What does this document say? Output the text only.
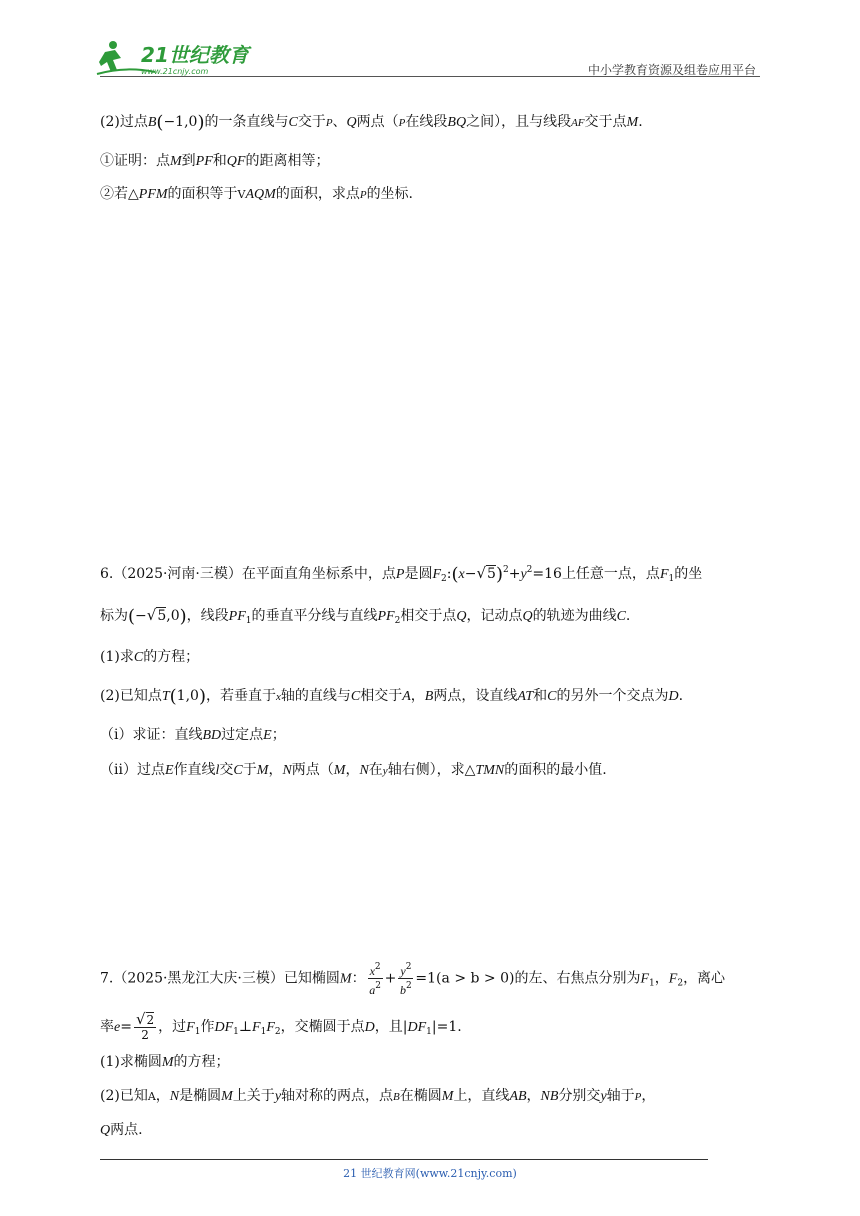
21世纪教育
www.21cnjy.com	中小学教育资源及组卷应用平台
(2)过点B(−1,0)的一条直线与C交于P、Q两点（P在线段BQ之间），且与线段AF交于点M.
①证明：点M到PF和QF的距离相等；
②若△PFM的面积等于VAQM的面积，求点P的坐标.
6.（2025·河南·三模）在平面直角坐标系中，点P是圆$F_2:(x-√5)^2+y^2=16$上任意一点，点$F_1$的坐
标为(−√5,0)，线段$PF_1$的垂直平分线与直线$PF_2$相交于点Q，记动点Q的轨迹为曲线C.
(1)求C的方程；
(2)已知点T(1,0)，若垂直于x轴的直线与C相交于A，B两点，设直线AT和C的另外一个交点为D.
（ⅰ）求证：直线BD过定点E；
（ⅱ）过点E作直线l交C于M，N两点（M，N在y轴右侧），求△TMN的面积的最小值.
7.（2025·黑龙江大庆·三模）已知椭圆M： $\frac{x^2}{a^2} + \frac{y^2}{b^2} =1(a > b > 0)$的左、右焦点分别为$F_1$，$F_2$，离心
率$e= \frac{√2}{2}$ ，过$F_1$作$DF_1\perp F_1F_2$，交椭圆于点D，且$|DF_1|=1$.
(1)求椭圆M的方程；
(2)已知A，N是椭圆M上关于y轴对称的两点，点B在椭圆M上，直线AB，NB分别交y轴于P，
Q两点.
21 世纪教育网(www.21cnjy.com)
